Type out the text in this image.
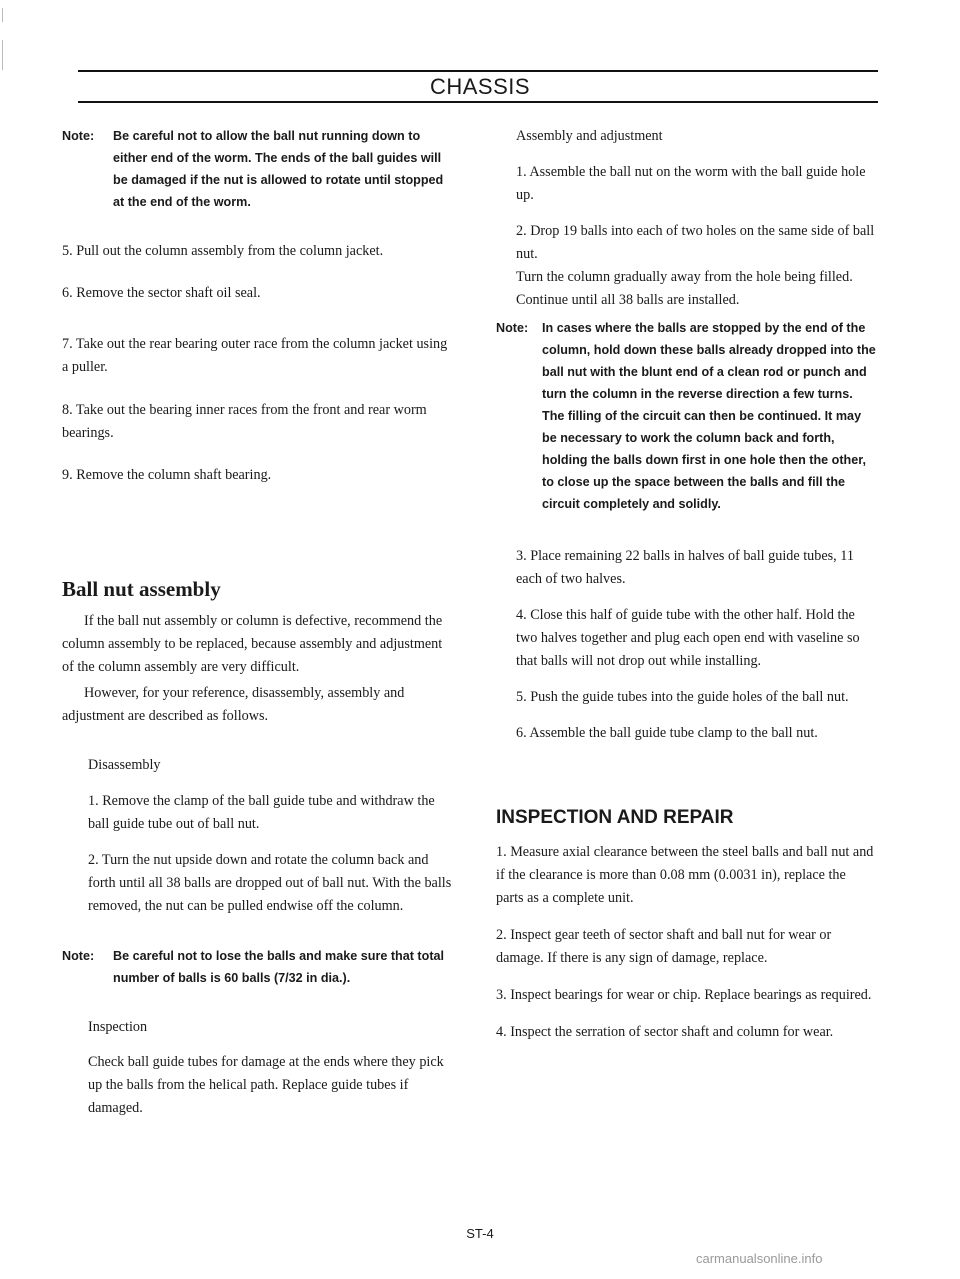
CHASSIS
Note:	Be careful not to allow the ball nut running down to either end of the worm. The ends of the ball guides will be damaged if the nut is allowed to rotate until stopped at the end of the worm.

5. Pull out the column assembly from the column jacket.

6. Remove the sector shaft oil seal.

7. Take out the rear bearing outer race from the column jacket using a puller.

8. Take out the bearing inner races from the front and rear worm bearings.

9. Remove the column shaft bearing.

Ball nut assembly

If the ball nut assembly or column is defective, recommend the column assembly to be replaced, because assembly and adjustment of the column assembly are very difficult.

However, for your reference, disassembly, assembly and adjustment are described as follows.

Disassembly

1. Remove the clamp of the ball guide tube and withdraw the ball guide tube out of ball nut.

2. Turn the nut upside down and rotate the column back and forth until all 38 balls are dropped out of ball nut. With the balls removed, the nut can be pulled endwise off the column.

Note:	Be careful not to lose the balls and make sure that total number of balls is 60 balls (7/32 in dia.).

Inspection

Check ball guide tubes for damage at the ends where they pick up the balls from the helical path. Replace guide tubes if damaged.

Assembly and adjustment

1. Assemble the ball nut on the worm with the ball guide hole up.

2. Drop 19 balls into each of two holes on the same side of ball nut.

Turn the column gradually away from the hole being filled. Continue until all 38 balls are installed.

Note:	In cases where the balls are stopped by the end of the column, hold down these balls already dropped into the ball nut with the blunt end of a clean rod or punch and turn the column in the reverse direction a few turns.
The filling of the circuit can then be continued. It may be necessary to work the column back and forth, holding the balls down first in one hole then the other, to close up the space between the balls and fill the circuit completely and solidly.

3. Place remaining 22 balls in halves of ball guide tubes, 11 each of two halves.

4. Close this half of guide tube with the other half. Hold the two halves together and plug each open end with vaseline so that balls will not drop out while installing.

5. Push the guide tubes into the guide holes of the ball nut.

6. Assemble the ball guide tube clamp to the ball nut.

INSPECTION AND REPAIR

1. Measure axial clearance between the steel balls and ball nut and if the clearance is more than 0.08 mm (0.0031 in), replace the parts as a complete unit.

2. Inspect gear teeth of sector shaft and ball nut for wear or damage. If there is any sign of damage, replace.

3. Inspect bearings for wear or chip. Replace bearings as required.

4. Inspect the serration of sector shaft and column for wear.

ST-4
carmanualsonline.info
